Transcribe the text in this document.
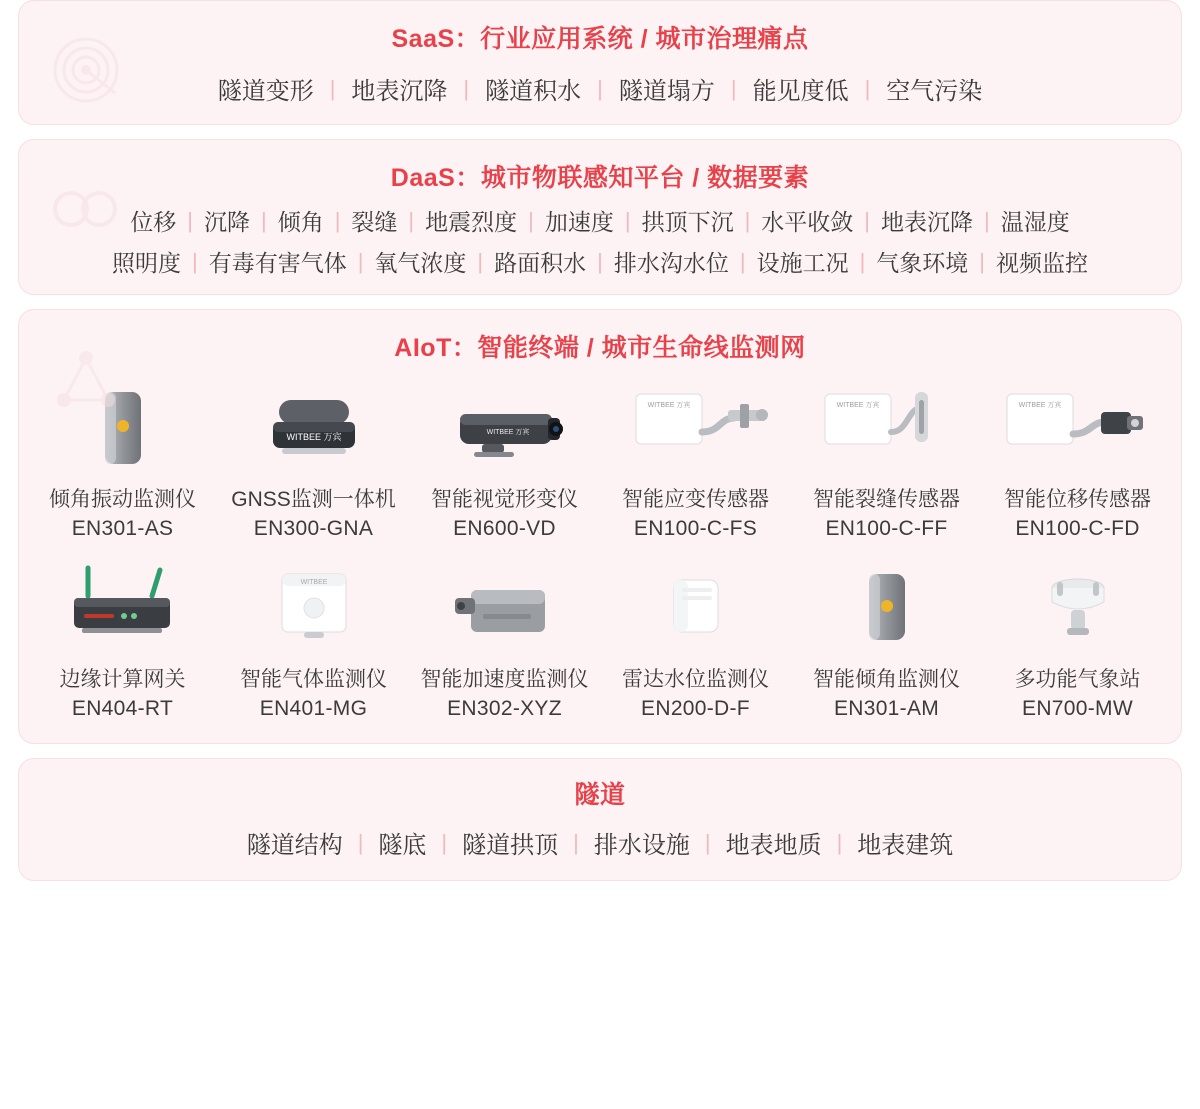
SaaS：行业应用系统 / 城市治理痛点
隧道变形 | 地表沉降 | 隧道积水 | 隧道塌方 | 能见度低 | 空气污染
DaaS：城市物联感知平台 / 数据要素
位移 | 沉降 | 倾角 | 裂缝 | 地震烈度 | 加速度 | 拱顶下沉 | 水平收敛 | 地表沉降 | 温湿度
照明度 | 有毒有害气体 | 氧气浓度 | 路面积水 | 排水沟水位 | 设施工况 | 气象环境 | 视频监控
AIoT：智能终端 / 城市生命线监测网
倾角振动监测仪
EN301-AS
WITBEE 万宾
GNSS监测一体机
EN300-GNA
WITBEE 万宾
智能视觉形变仪
EN600-VD
WITBEE 万宾
智能应变传感器
EN100-C-FS
WITBEE 万宾
智能裂缝传感器
EN100-C-FF
WITBEE 万宾
智能位移传感器
EN100-C-FD
边缘计算网关
EN404-RT
WITBEE
智能气体监测仪
EN401-MG
智能加速度监测仪
EN302-XYZ
雷达水位监测仪
EN200-D-F
智能倾角监测仪
EN301-AM
多功能气象站
EN700-MW
隧道
隧道结构 | 隧底 | 隧道拱顶 | 排水设施 | 地表地质 | 地表建筑
